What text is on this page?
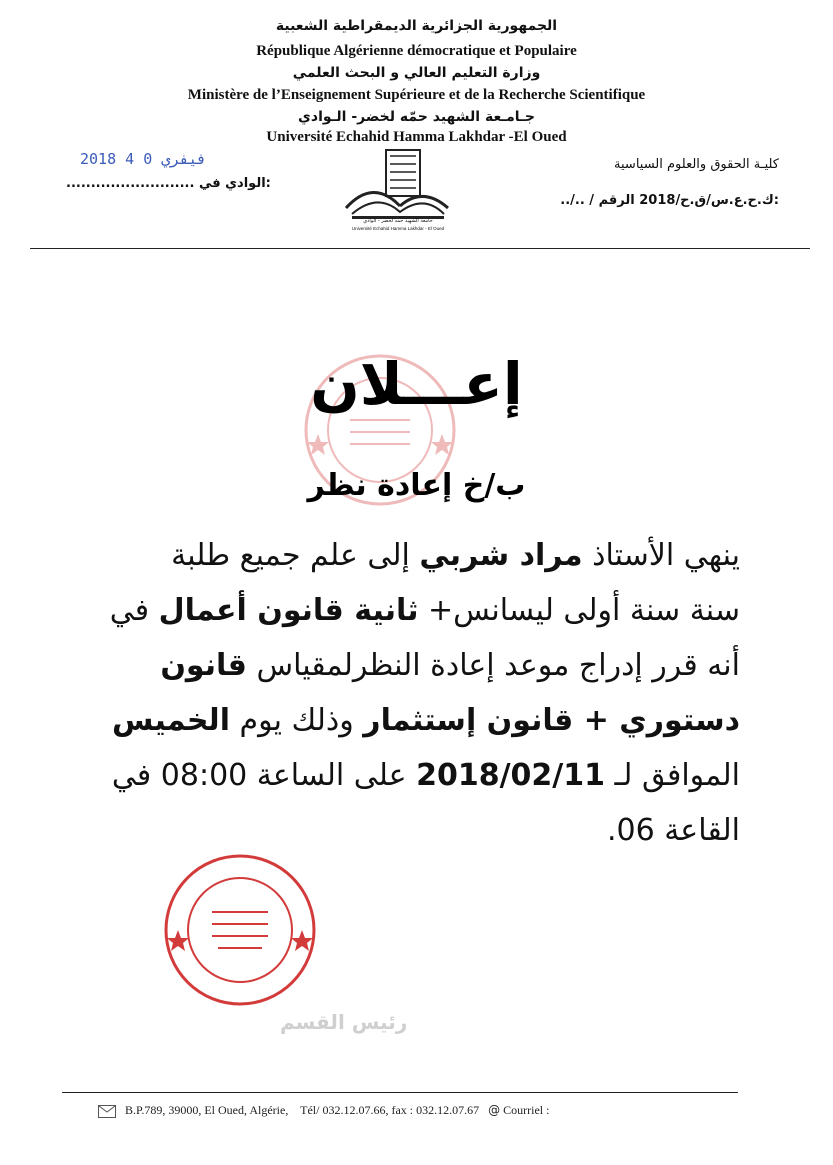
الجمهورية الجزائرية الديمقراطية الشعبية
République Algérienne démocratique et Populaire
وزارة التعليم العالي و البحث العلمي
Ministère de l’Enseignement Supérieure et de la Recherche Scientifique
جـامـعة الشهيد حمّه لخضر- الـوادي
Université Echahid Hamma Lakhdar -El Oued
2018 فيفري 0 4
.......................... الوادي في:
كليـة الحقوق والعلوم السياسية
../.. / ك.ح.ع.س/ق.ح/2018 الرقم:
جامعة الشهيد حمه لخضر - الوادي
Université Echahid Hamma Lakhdar - El Oued
إعـــلان
ب/خ إعادة نظر
ينهي الأستاذ مراد شربي إلى علم جميع طلبة
سنة سنة أولى ليسانس+ ثانية قانون أعمال في
أنه قرر إدراج موعد إعادة النظرلمقياس قانون
دستوري + قانون إستثمار وذلك يوم الخميس
الموافق لـ 2018/02/11 على الساعة 08:00 في
القاعة 06.
رئيس القسم
B.P.789, 39000, El Oued, Algérie, Tél/ 032.12.07.66, fax : 032.12.07.67 @ Courriel :
